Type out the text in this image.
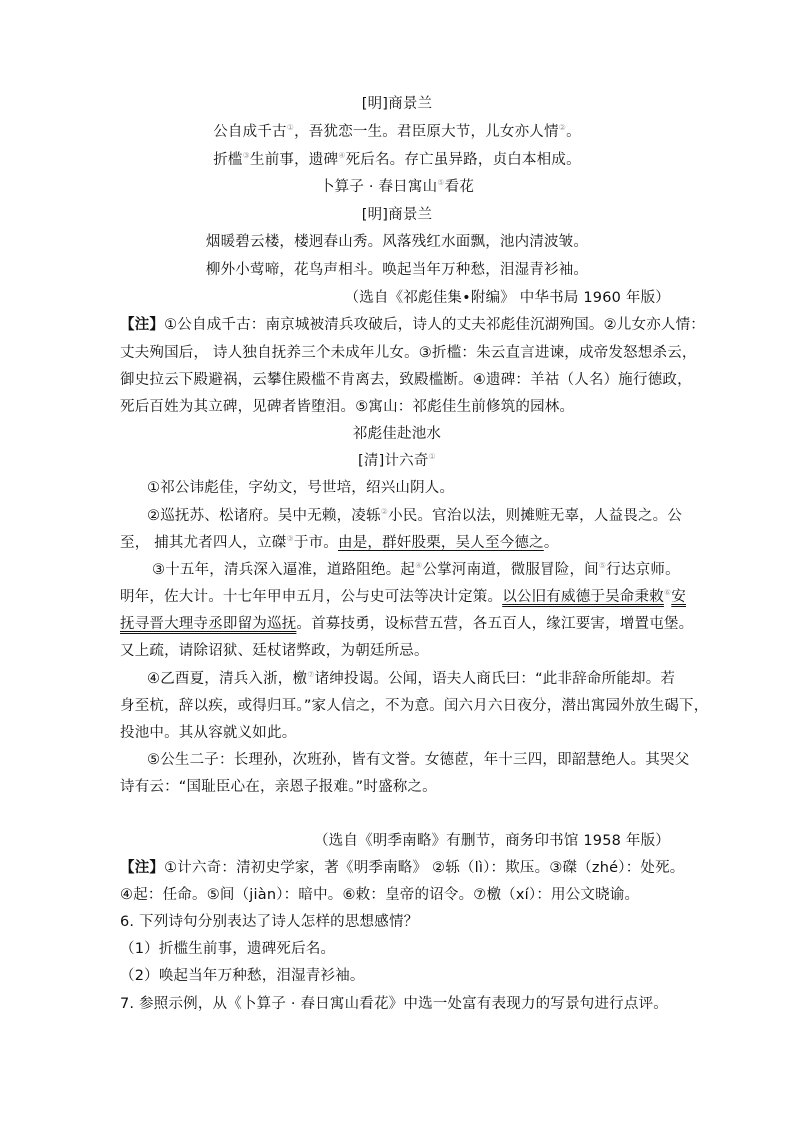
[明]商景兰
公自成千古①，吾犹恋一生。君臣原大节，儿女亦人情②。
折槛③生前事，遗碑④死后名。存亡虽异路，贞白本相成。
卜算子 · 春日寓山⑤看花
[明]商景兰
烟暖碧云楼，楼迥春山秀。风落残红水面飘，池内清波皱。
柳外小莺啼，花鸟声相斗。唤起当年万种愁，泪湿青衫袖。
（选自《祁彪佳集•附编》 中华书局 1960 年版）
【注】①公自成千古：南京城被清兵攻破后，诗人的丈夫祁彪佳沉湖殉国。②儿女亦人情：
丈夫殉国后， 诗人独自抚养三个未成年儿女。③折槛：朱云直言进谏，成帝发怒想杀云，
御史拉云下殿避祸，云攀住殿槛不肯离去，致殿槛断。④遗碑：羊祜（人名）施行德政，
死后百姓为其立碑，见碑者皆堕泪。⑤寓山：祁彪佳生前修筑的园林。
祁彪佳赴池水
[清]计六奇①
①祁公讳彪佳，字幼文，号世培，绍兴山阴人。
②巡抚苏、松诸府。吴中无赖，凌轹②小民。官治以法，则摊赃无辜，人益畏之。公
至， 捕其尤者四人，立磔③于市。由是，群奸股栗，吴人至今德之。
③十五年，清兵深入逼准，道路阻绝。起④公掌河南道，微服冒险，间⑤行达京师。
明年，佐大计。十七年甲申五月，公与史可法等决计定策。以公旧有威德于吴命秉敕⑥安
抚寻晋大理寺丞即留为巡抚。首募技勇，设标营五营，各五百人，缘江要害，增置屯堡。
又上疏，请除诏狱、廷杖诸弊政，为朝廷所忌。
④乙酉夏，清兵入浙，檄⑦诸绅投谒。公闻，语夫人商氏曰：“此非辞命所能却。若
身至杭，辞以疾，或得归耳。”家人信之，不为意。闰六月六日夜分，潜出寓园外放生碣下，
投池中。其从容就义如此。
⑤公生二子：长理孙，次班孙，皆有文誉。女德茝，年十三四，即韶慧绝人。其哭父
诗有云：“国耻臣心在，亲恩子报难。”时盛称之。
（选自《明季南略》有删节，商务印书馆 1958 年版）
【注】①计六奇：清初史学家，著《明季南略》 ②轹（lì）：欺压。③磔（zhé）：处死。
④起：任命。⑤间（jiàn）：暗中。⑥敕：皇帝的诏令。⑦檄（xí）：用公文晓谕。
6. 下列诗句分别表达了诗人怎样的思想感情？
（1）折槛生前事，遗碑死后名。
（2）唤起当年万种愁，泪湿青衫袖。
7. 参照示例，从《卜算子 · 春日寓山看花》中选一处富有表现力的写景句进行点评。
